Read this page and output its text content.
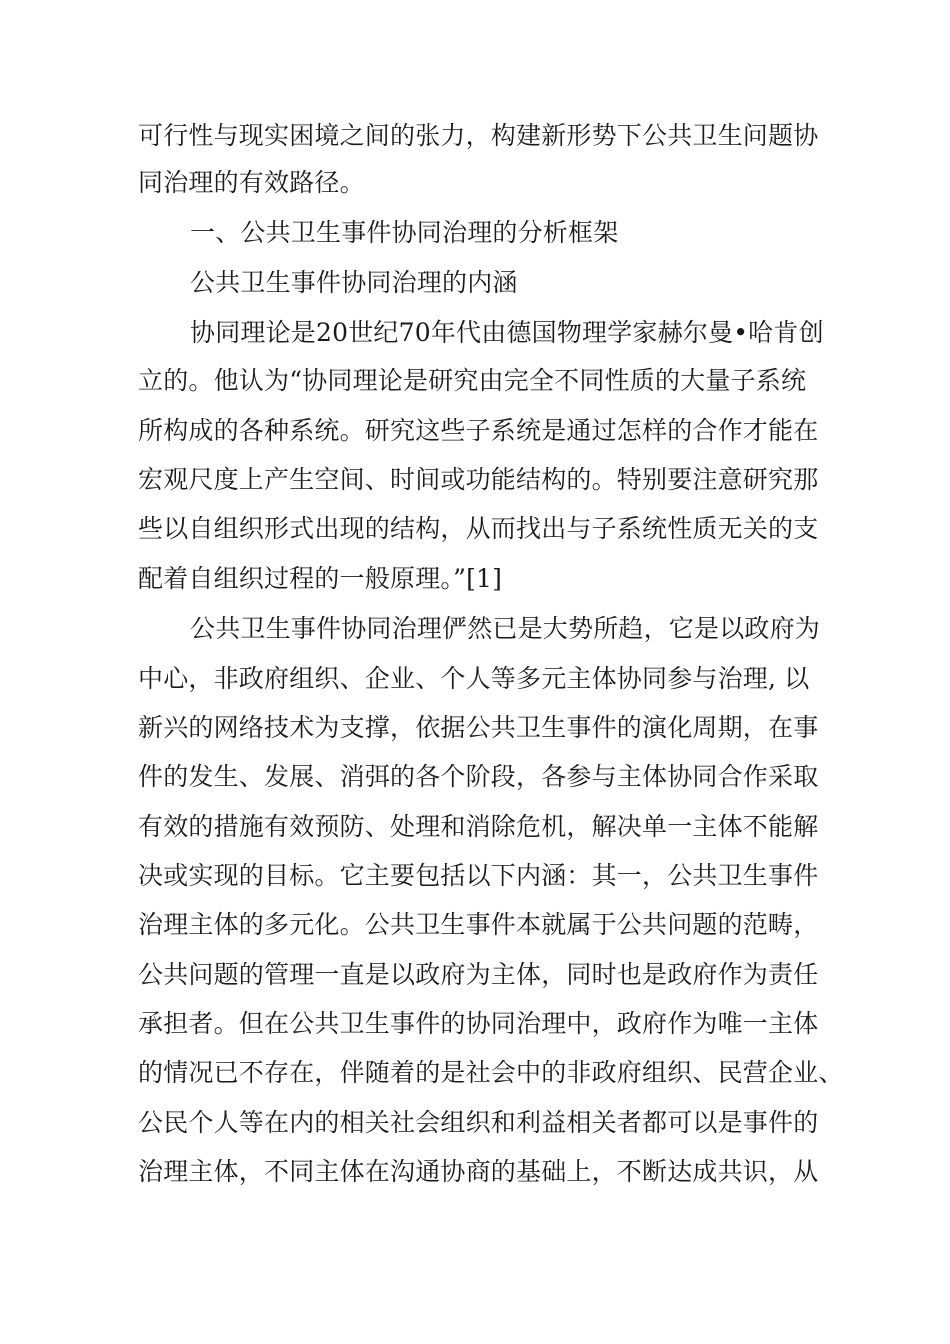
可行性与现实困境之间的张力，构建新形势下公共卫生问题协
同治理的有效路径。
一、公共卫生事件协同治理的分析框架
公共卫生事件协同治理的内涵
协同理论是20世纪70年代由德国物理学家赫尔曼•哈肯创
立的。他认为“协同理论是研究由完全不同性质的大量子系统
所构成的各种系统。研究这些子系统是通过怎样的合作才能在
宏观尺度上产生空间、时间或功能结构的。特别要注意研究那
些以自组织形式出现的结构，从而找出与子系统性质无关的支
配着自组织过程的一般原理。”[1]
公共卫生事件协同治理俨然已是大势所趋，它是以政府为
中心，非政府组织、企业、个人等多元主体协同参与治理, 以
新兴的网络技术为支撑，依据公共卫生事件的演化周期，在事
件的发生、发展、消弭的各个阶段，各参与主体协同合作采取
有效的措施有效预防、处理和消除危机，解决单一主体不能解
决或实现的目标。它主要包括以下内涵：其一，公共卫生事件
治理主体的多元化。公共卫生事件本就属于公共问题的范畴，
公共问题的管理一直是以政府为主体，同时也是政府作为责任
承担者。但在公共卫生事件的协同治理中，政府作为唯一主体
的情况已不存在，伴随着的是社会中的非政府组织、民营企业、
公民个人等在内的相关社会组织和利益相关者都可以是事件的
治理主体，不同主体在沟通协商的基础上，不断达成共识，从
